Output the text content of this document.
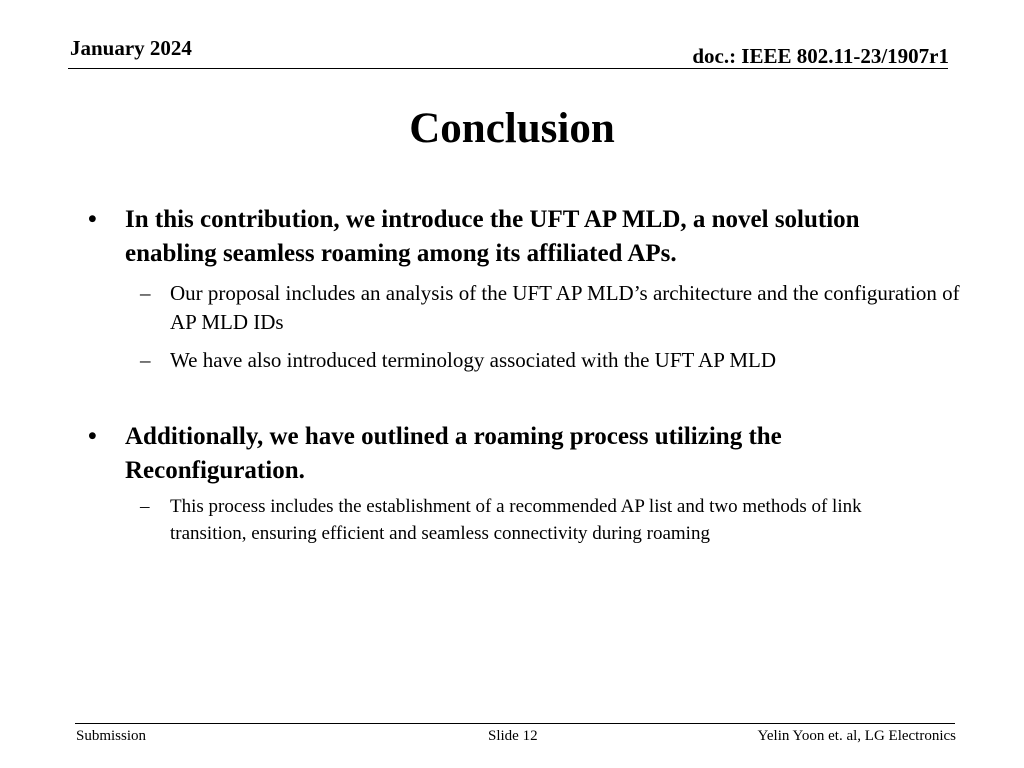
January 2024	doc.: IEEE 802.11-23/1907r1
Conclusion
• In this contribution, we introduce the UFT AP MLD, a novel solution enabling seamless roaming among its affiliated APs.
– Our proposal includes an analysis of the UFT AP MLD’s architecture and the configuration of AP MLD IDs
– We have also introduced terminology associated with the UFT AP MLD
• Additionally, we have outlined a roaming process utilizing the Reconfiguration.
– This process includes the establishment of a recommended AP list and two methods of link transition, ensuring efficient and seamless connectivity during roaming
Submission	Slide 12	Yelin Yoon et. al, LG Electronics
